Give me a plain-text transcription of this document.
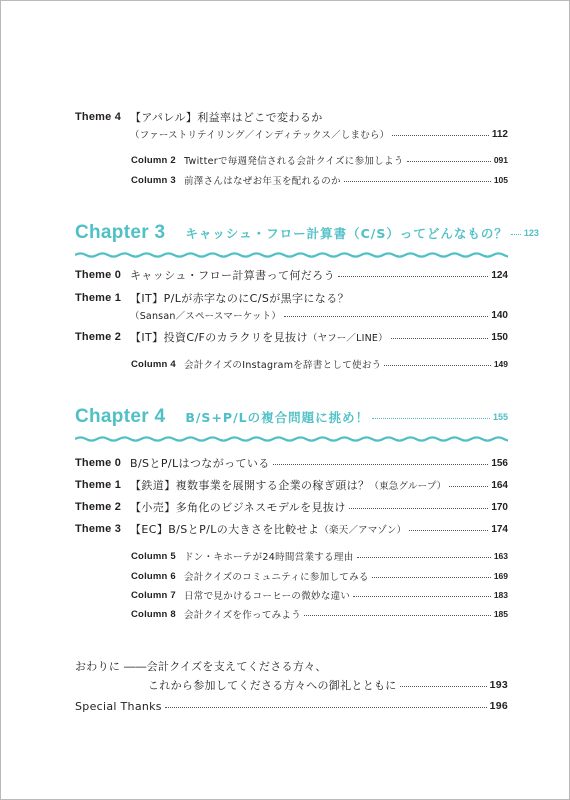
Theme 4 【アパレル】利益率はどこで変わるか
（ファーストリテイリング／インディテックス／しまむら）	112
Column 2 Twitterで毎週発信される会計クイズに参加しよう	091
Column 3 前澤さんはなぜお年玉を配れるのか	105
Chapter 3 キャッシュ・フロー計算書（C/S）ってどんなもの？ 123
Theme 0 キャッシュ・フロー計算書って何だろう	124
Theme 1 【IT】P/Lが赤字なのにC/Sが黒字になる？
（Sansan／スペースマーケット）	140
Theme 2 【IT】投資C/Fのカラクリを見抜け （ヤフー／LINE）	150
Column 4 会計クイズのInstagramを辞書として使おう	149
Chapter 4 B/S+P/Lの複合問題に挑め！	155
Theme 0 B/SとP/Lはつながっている	156
Theme 1 【鉄道】複数事業を展開する企業の稼ぎ頭は？ （東急グループ）	164
Theme 2 【小売】多角化のビジネスモデルを見抜け	170
Theme 3 【EC】B/SとP/Lの大きさを比較せよ （楽天／アマゾン）	174
Column 5 ドン・キホーテが24時間営業する理由	163
Column 6 会計クイズのコミュニティに参加してみる	169
Column 7 日常で見かけるコーヒーの微妙な違い	183
Column 8 会計クイズを作ってみよう	185
おわりに ――会計クイズを支えてくださる方々、
これから参加してくださる方々への御礼とともに	193
Special Thanks	196
